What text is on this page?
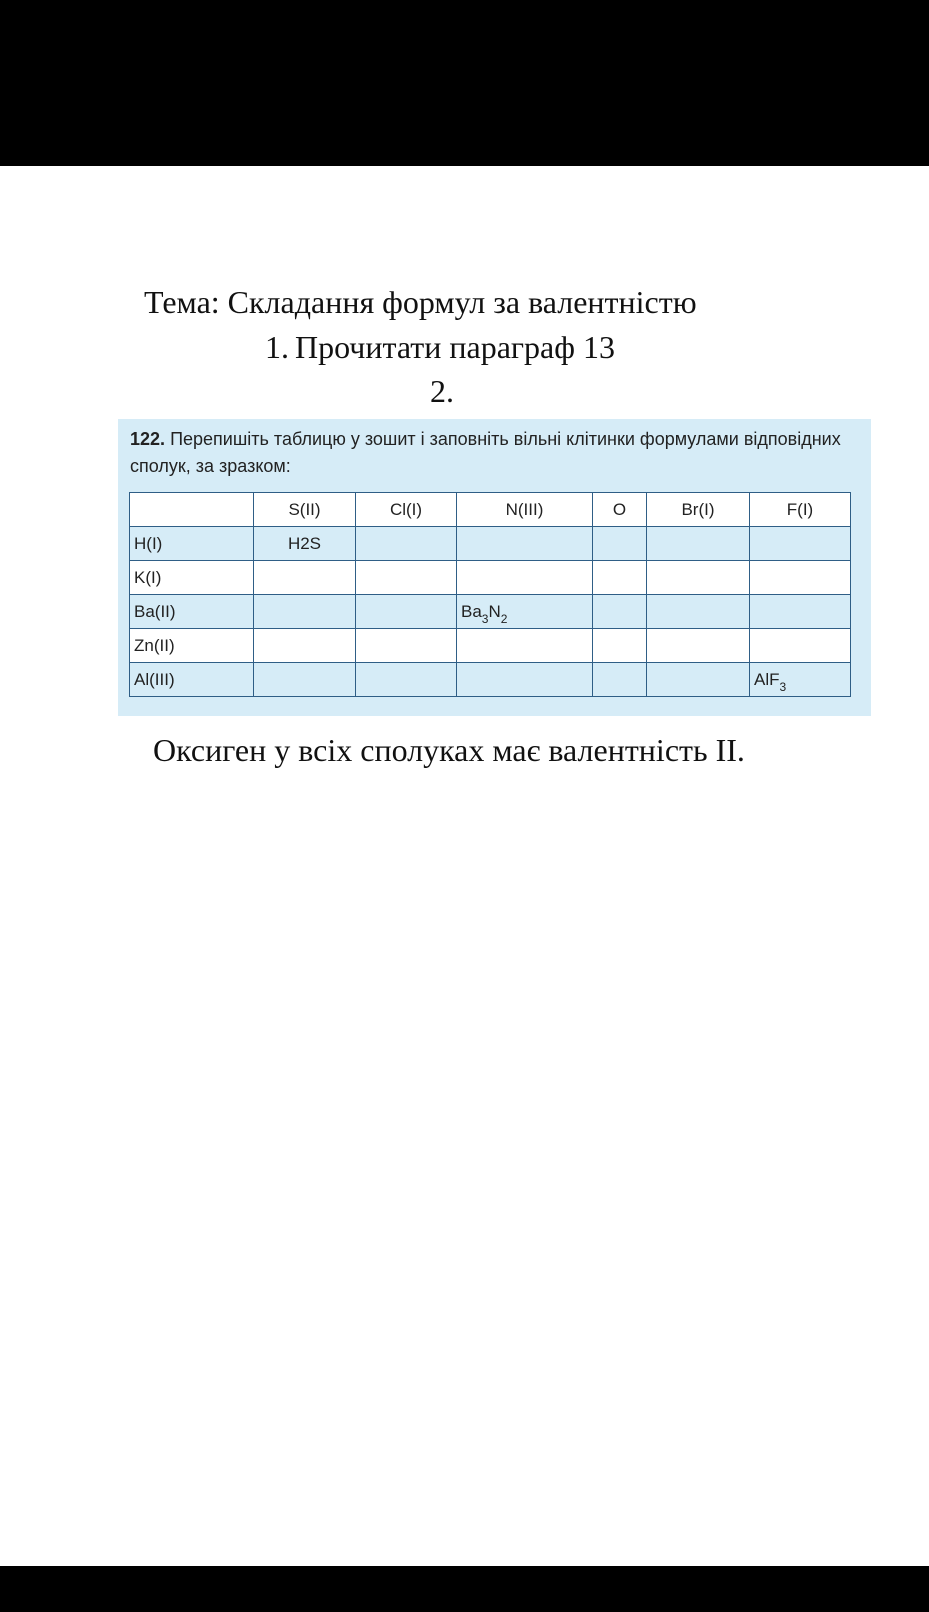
Тема: Складання формул за валентністю
1. Прочитати параграф 13
2.
122. Перепишіть таблицю у зошит і заповніть вільні клітинки формулами відповідних сполук, за зразком:
	S(II)	Cl(I)	N(III)	O	Br(I)	F(I)
H(I)	H2S					
K(I)						
Ba(II)			$Ba_3N_2$			
Zn(II)						
Al(III)						AlF$_3$
Оксиген у всіх сполуках має валентність II.
